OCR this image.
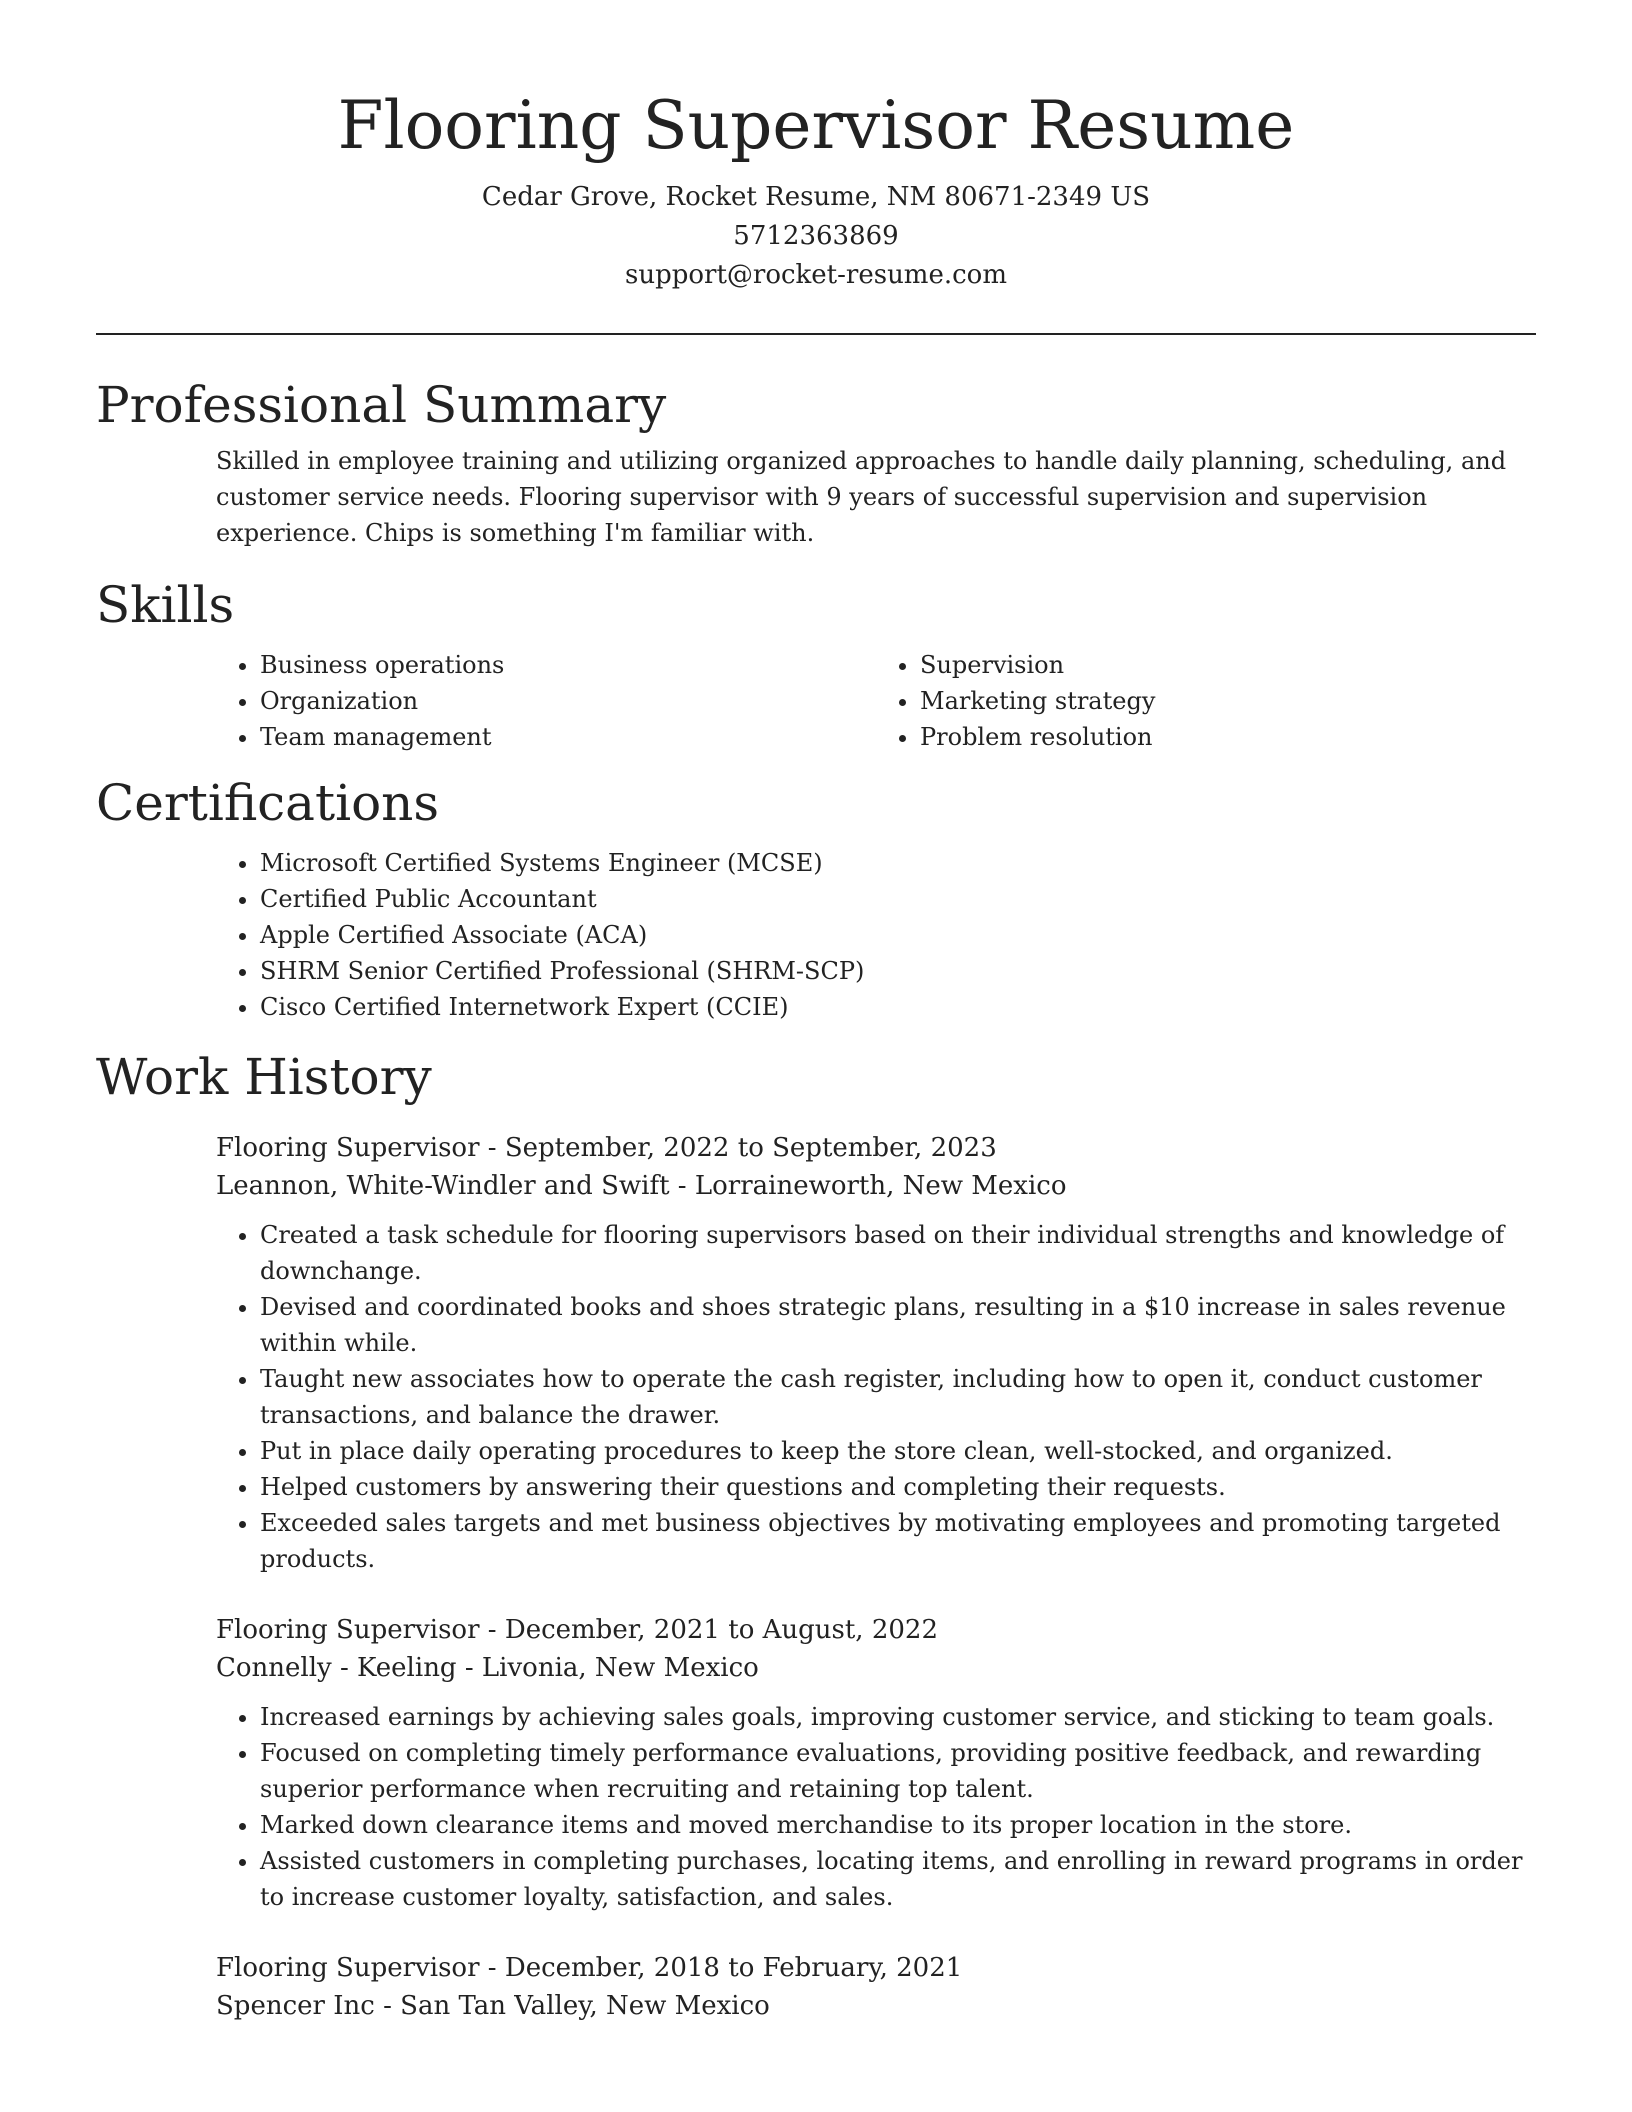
Flooring Supervisor Resume
Cedar Grove, Rocket Resume, NM 80671-2349 US
5712363869
support@rocket-resume.com
Professional Summary
Skilled in employee training and utilizing organized approaches to handle daily planning, scheduling, and customer service needs. Flooring supervisor with 9 years of successful supervision and supervision experience. Chips is something I'm familiar with.
Skills
• Business operations
• Organization
• Team management
• Supervision
• Marketing strategy
• Problem resolution
Certifications
• Microsoft Certified Systems Engineer (MCSE)
• Certified Public Accountant
• Apple Certified Associate (ACA)
• SHRM Senior Certified Professional (SHRM-SCP)
• Cisco Certified Internetwork Expert (CCIE)
Work History
Flooring Supervisor - September, 2022 to September, 2023
Leannon, White-Windler and Swift - Lorraineworth, New Mexico
• Created a task schedule for flooring supervisors based on their individual strengths and knowledge of downchange.
• Devised and coordinated books and shoes strategic plans, resulting in a $10 increase in sales revenue within while.
• Taught new associates how to operate the cash register, including how to open it, conduct customer transactions, and balance the drawer.
• Put in place daily operating procedures to keep the store clean, well-stocked, and organized.
• Helped customers by answering their questions and completing their requests.
• Exceeded sales targets and met business objectives by motivating employees and promoting targeted products.
Flooring Supervisor - December, 2021 to August, 2022
Connelly - Keeling - Livonia, New Mexico
• Increased earnings by achieving sales goals, improving customer service, and sticking to team goals.
• Focused on completing timely performance evaluations, providing positive feedback, and rewarding superior performance when recruiting and retaining top talent.
• Marked down clearance items and moved merchandise to its proper location in the store.
• Assisted customers in completing purchases, locating items, and enrolling in reward programs in order to increase customer loyalty, satisfaction, and sales.
Flooring Supervisor - December, 2018 to February, 2021
Spencer Inc - San Tan Valley, New Mexico
